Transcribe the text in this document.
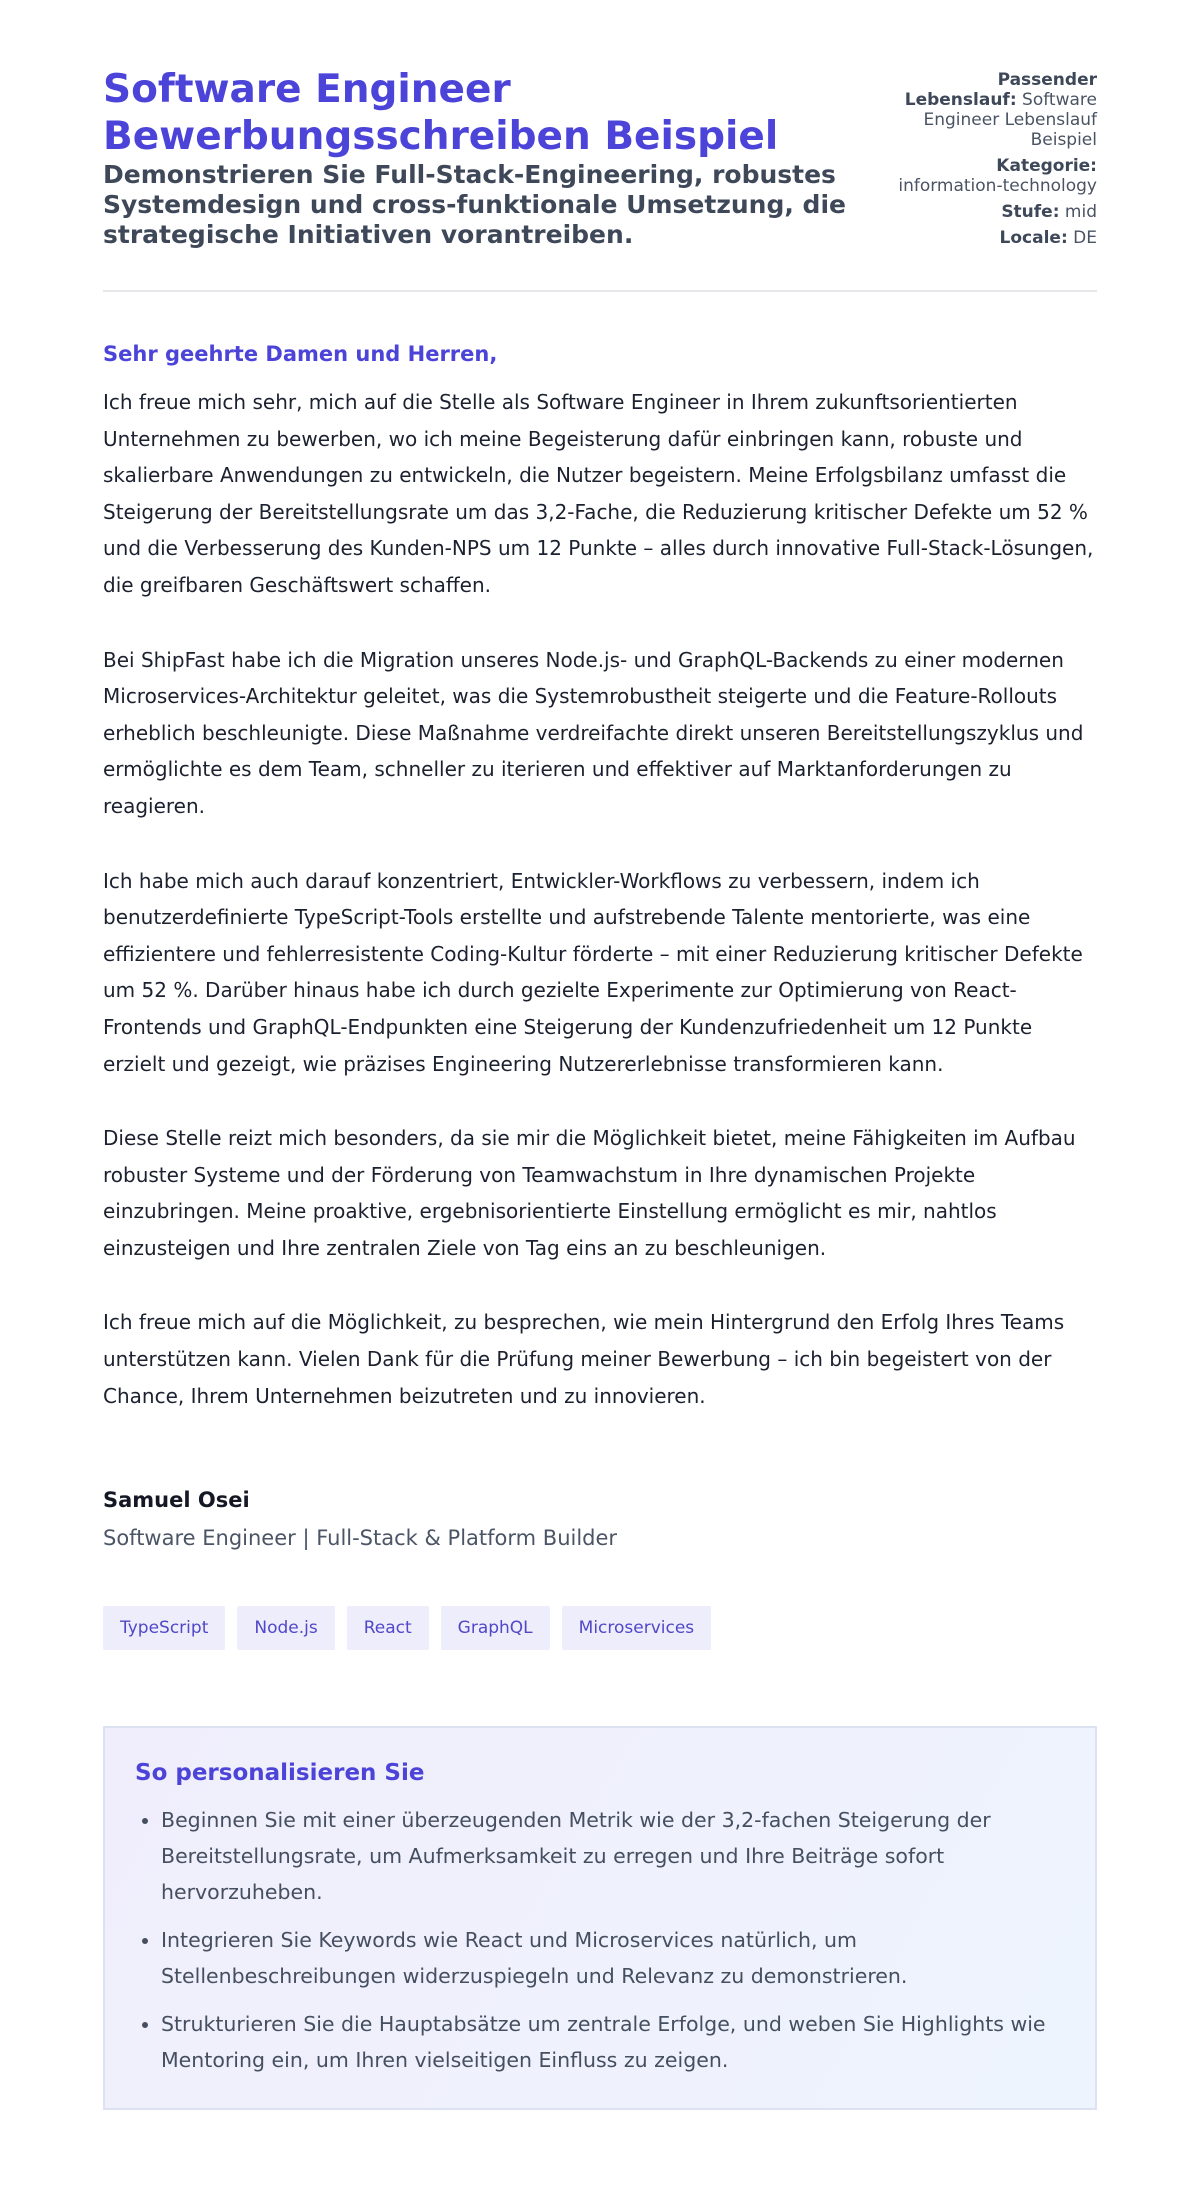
Software Engineer
Bewerbungsschreiben Beispiel

Demonstrieren Sie Full-Stack-Engineering, robustes Systemdesign und cross-funktionale Umsetzung, die strategische Initiativen vorantreiben.

Passender Lebenslauf: Software Engineer Lebenslauf Beispiel
Kategorie: information-technology
Stufe: mid
Locale: DE
Sehr geehrte Damen und Herren,

Ich freue mich sehr, mich auf die Stelle als Software Engineer in Ihrem zukunftsorientierten Unternehmen zu bewerben, wo ich meine Begeisterung dafür einbringen kann, robuste und skalierbare Anwendungen zu entwickeln, die Nutzer begeistern. Meine Erfolgsbilanz umfasst die Steigerung der Bereitstellungsrate um das 3,2-Fache, die Reduzierung kritischer Defekte um 52 % und die Verbesserung des Kunden-NPS um 12 Punkte – alles durch innovative Full-Stack-Lösungen, die greifbaren Geschäftswert schaffen.

Bei ShipFast habe ich die Migration unseres Node.js- und GraphQL-Backends zu einer modernen Microservices-Architektur geleitet, was die Systemrobustheit steigerte und die Feature-Rollouts erheblich beschleunigte. Diese Maßnahme verdreifachte direkt unseren Bereitstellungszyklus und ermöglichte es dem Team, schneller zu iterieren und effektiver auf Marktanforderungen zu reagieren.

Ich habe mich auch darauf konzentriert, Entwickler-Workflows zu verbessern, indem ich benutzerdefinierte TypeScript-Tools erstellte und aufstrebende Talente mentorierte, was eine effizientere und fehlerresistente Coding-Kultur förderte – mit einer Reduzierung kritischer Defekte um 52 %. Darüber hinaus habe ich durch gezielte Experimente zur Optimierung von React-Frontends und GraphQL-Endpunkten eine Steigerung der Kundenzufriedenheit um 12 Punkte erzielt und gezeigt, wie präzises Engineering Nutzererlebnisse transformieren kann.

Diese Stelle reizt mich besonders, da sie mir die Möglichkeit bietet, meine Fähigkeiten im Aufbau robuster Systeme und der Förderung von Teamwachstum in Ihre dynamischen Projekte einzubringen. Meine proaktive, ergebnisorientierte Einstellung ermöglicht es mir, nahtlos einzusteigen und Ihre zentralen Ziele von Tag eins an zu beschleunigen.

Ich freue mich auf die Möglichkeit, zu besprechen, wie mein Hintergrund den Erfolg Ihres Teams unterstützen kann. Vielen Dank für die Prüfung meiner Bewerbung – ich bin begeistert von der Chance, Ihrem Unternehmen beizutreten und zu innovieren.

Samuel Osei

Software Engineer | Full-Stack & Platform Builder

TypeScript	Node.js	React	GraphQL	Microservices
So personalisieren Sie
• Beginnen Sie mit einer überzeugenden Metrik wie der 3,2-fachen Steigerung der Bereitstellungsrate, um Aufmerksamkeit zu erregen und Ihre Beiträge sofort hervorzuheben.
• Integrieren Sie Keywords wie React und Microservices natürlich, um Stellenbeschreibungen widerzuspiegeln und Relevanz zu demonstrieren.
• Strukturieren Sie die Hauptabsätze um zentrale Erfolge, und weben Sie Highlights wie Mentoring ein, um Ihren vielseitigen Einfluss zu zeigen.
